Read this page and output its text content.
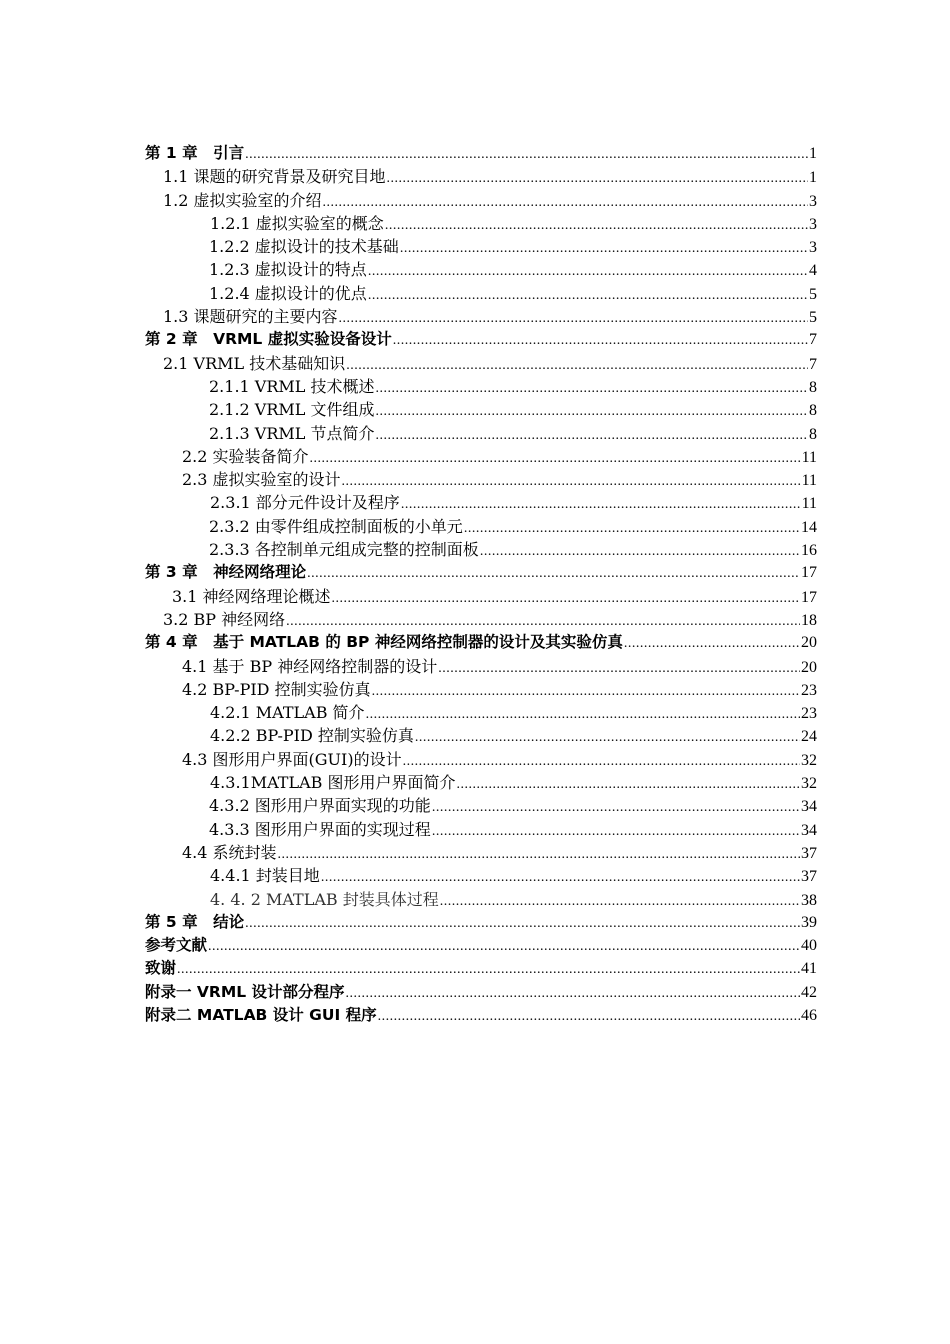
第 1 章　引言 .....	1
1.1 课题的研究背景及研究目地 .....	1
1.2 虚拟实验室的介绍 .....	3
1.2.1 虚拟实验室的概念 .....	3
1.2.2 虚拟设计的技术基础 .....	3
1.2.3 虚拟设计的特点 .....	4
1.2.4 虚拟设计的优点 .....	5
1.3 课题研究的主要内容 .....	5
第 2 章　VRML 虚拟实验设备设计 .....	7
2.1 VRML 技术基础知识 .....	7
2.1.1 VRML 技术概述 .....	8
2.1.2 VRML 文件组成 .....	8
2.1.3 VRML 节点简介 .....	8
2.2 实验装备简介 .....	11
2.3 虚拟实验室的设计 .....	11
2.3.1 部分元件设计及程序 .....	11
2.3.2 由零件组成控制面板的小单元 .....	14
2.3.3 各控制单元组成完整的控制面板 .....	16
第 3 章　神经网络理论 .....	17
3.1 神经网络理论概述 .....	17
3.2 BP 神经网络 .....	18
第 4 章　基于 MATLAB 的 BP 神经网络控制器的设计及其实验仿真 .....	20
4.1 基于 BP 神经网络控制器的设计 .....	20
4.2 BP-PID 控制实验仿真 .....	23
4.2.1 MATLAB 简介 .....	23
4.2.2 BP-PID 控制实验仿真 .....	24
4.3 图形用户界面(GUI)的设计 .....	32
4.3.1MATLAB 图形用户界面简介 .....	32
4.3.2 图形用户界面实现的功能 .....	34
4.3.3 图形用户界面的实现过程 .....	34
4.4 系统封装 .....	37
4.4.1 封装目地 .....	37
4. 4. 2 MATLAB 封装具体过程 .....	38
第 5 章　结论 .....	39
参考文献 .....	40
致谢 .....	41
附录一 VRML 设计部分程序 .....	42
附录二 MATLAB 设计 GUI 程序 .....	46
